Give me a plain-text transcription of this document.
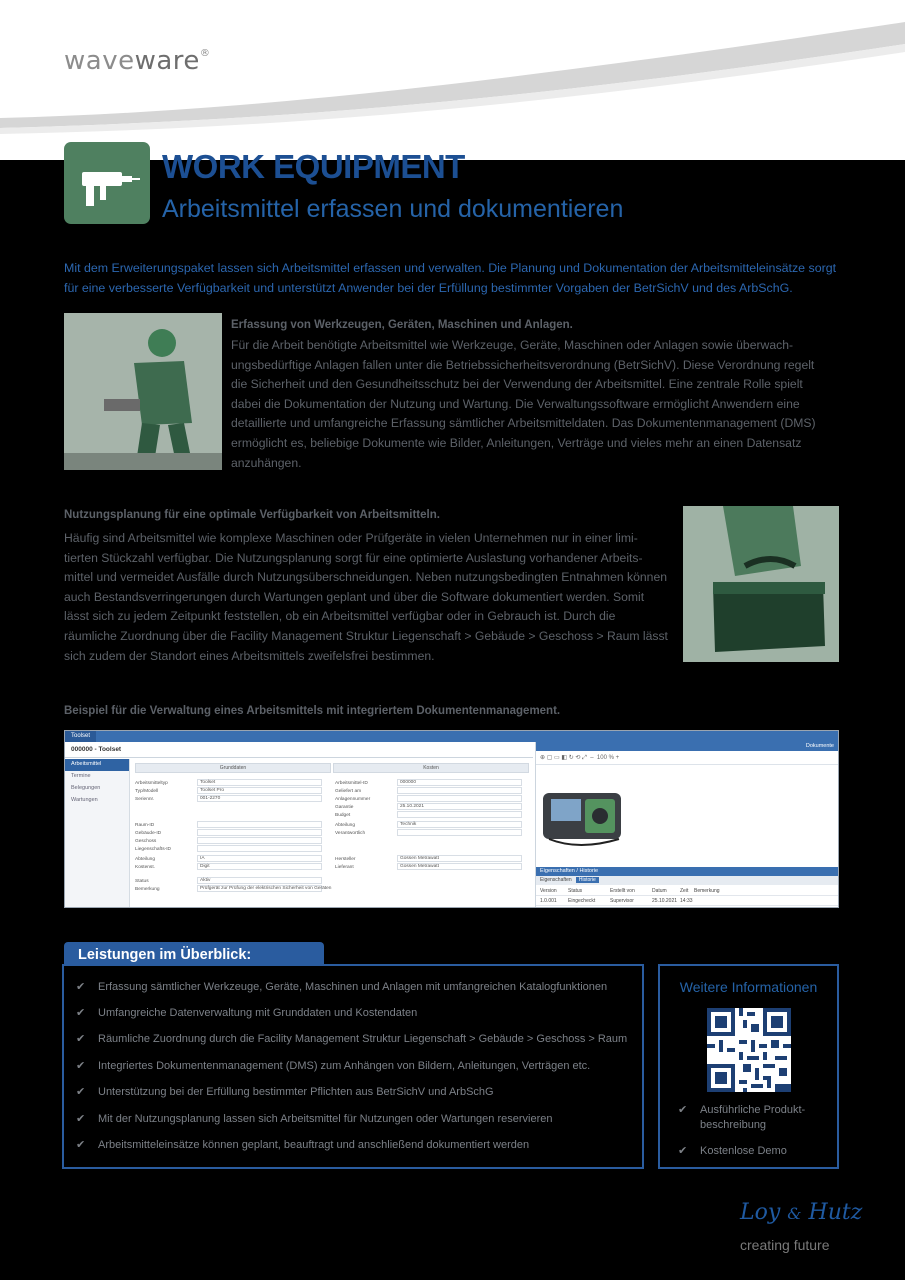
waveware®
WORK EQUIPMENT
Arbeitsmittel erfassen und dokumentieren
Mit dem Erweiterungspaket lassen sich Arbeitsmittel erfassen und verwalten. Die Planung und Dokumentation der Arbeitsmitteleinsätze sorgt für eine verbesserte Verfügbarkeit und unterstützt Anwender bei der Erfüllung bestimmter Vorgaben der BetrSichV und des ArbSchG.
Erfassung von Werkzeugen, Geräten, Maschinen und Anlagen.
Für die Arbeit benötigte Arbeitsmittel wie Werkzeuge, Geräte, Maschinen oder Anlagen sowie überwach-ungsbedürftige Anlagen fallen unter die Betriebssicherheitsverordnung (BetrSichV). Diese Verordnung regelt die Sicherheit und den Gesundheitsschutz bei der Verwendung der Arbeitsmittel. Eine zentrale Rolle spielt dabei die Dokumentation der Nutzung und Wartung. Die Verwaltungssoftware ermöglicht Anwendern eine detaillierte und umfangreiche Erfassung sämtlicher Arbeitsmitteldaten. Das Dokumentenmanagement (DMS) ermöglicht es, beliebige Dokumente wie Bilder, Anleitungen, Verträge und vieles mehr an einen Datensatz anzuhängen.
Nutzungsplanung für eine optimale Verfügbarkeit von Arbeitsmitteln.
Häufig sind Arbeitsmittel wie komplexe Maschinen oder Prüfgeräte in vielen Unternehmen nur in einer limi-tierten Stückzahl verfügbar. Die Nutzungsplanung sorgt für eine optimierte Auslastung vorhandener Arbeits-mittel und vermeidet Ausfälle durch Nutzungsüberschneidungen. Neben nutzungsbedingten Entnahmen können auch Bestandsverringerungen durch Wartungen geplant und über die Software dokumentiert werden. Somit lässt sich zu jedem Zeitpunkt feststellen, ob ein Arbeitsmittel verfügbar oder in Gebrauch ist. Durch die räumliche Zuordnung über die Facility Management Struktur Liegenschaft > Gebäude > Geschoss > Raum lässt sich zudem der Standort eines Arbeitsmittels zweifelsfrei bestimmen.
Beispiel für die Verwaltung eines Arbeitsmittels mit integriertem Dokumentenmanagement.
Toolset
000000 - Toolset
Arbeitsmittel
Termine
Belegungen
Wartungen
Grunddaten	Kosten
Arbeitsmitteltyp	Toolset
Typ/Modell	Toolset Pro
Seriennr.	001-2270
Raum-ID
Gebäude-ID
Geschoss
Liegenschafts-ID
Abteilung	IA
Kostenst.	Digit
Status	Aktiv
Bemerkung	Prüfgerät zur Prüfung der elektrischen Sicherheit von Geräten
Arbeitsmittel-ID	000000
Geliefert am
Anlagennummer
Garantie	25.10.2021
Budget
Abteilung	Technik
Verantwortlich
Hersteller	Gossen Metrawatt
Lieferant	Gossen Metrawatt
Dokumente
⊕ ▢ ▭ ◧ ↻ ⟲ ⤢  –  100 % +
Eigenschaften / Historie
Eigenschaften Historie
Version Status	Erstellt von	Datum	Zeit Bemerkung
1.0.001 Eingecheckt	Supervisor	25.10.2021 14:33
Leistungen im Überblick:
✔ Erfassung sämtlicher Werkzeuge, Geräte, Maschinen und Anlagen mit umfangreichen Katalogfunktionen
✔ Umfangreiche Datenverwaltung mit Grunddaten und Kostendaten
✔ Räumliche Zuordnung durch die Facility Management Struktur Liegenschaft > Gebäude > Geschoss > Raum
✔ Integriertes Dokumentenmanagement (DMS) zum Anhängen von Bildern, Anleitungen, Verträgen etc.
✔ Unterstützung bei der Erfüllung bestimmter Pflichten aus BetrSichV und ArbSchG
✔ Mit der Nutzungsplanung lassen sich Arbeitsmittel für Nutzungen oder Wartungen reservieren
✔ Arbeitsmitteleinsätze können geplant, beauftragt und anschließend dokumentiert werden
Weitere Informationen
✔ Ausführliche Produkt-beschreibung
✔ Kostenlose Demo
Loy & Hutz
creating future
